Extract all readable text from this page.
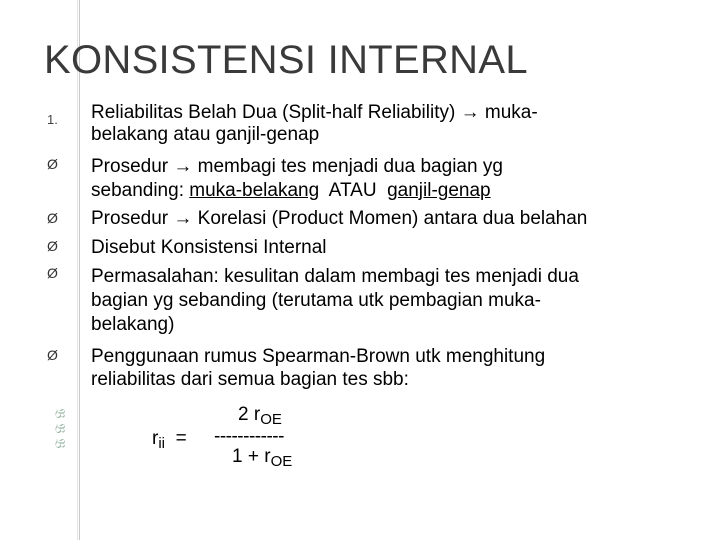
KONSISTENSI INTERNAL
1.
Ø
Ø
Ø
Ø
Ø
Reliabilitas Belah Dua (Split-half Reliability) → muka-
belakang atau ganjil-genap
Prosedur → membagi tes menjadi dua bagian yg
sebanding: muka-belakang  ATAU  ganjil-genap
Prosedur → Korelasi (Product Momen) antara dua belahan
Disebut Konsistensi Internal
Permasalahan: kesulitan dalam membagi tes menjadi dua
bagian yg sebanding (terutama utk pembagian muka-
belakang)
Penggunaan rumus Spearman-Brown utk menghitung
reliabilitas dari semua bagian tes sbb:
𝔅
𝔅
𝔅
2 $r_{OE}$
$r_{ii}$ = ------------
$1 + r_{OE}$
